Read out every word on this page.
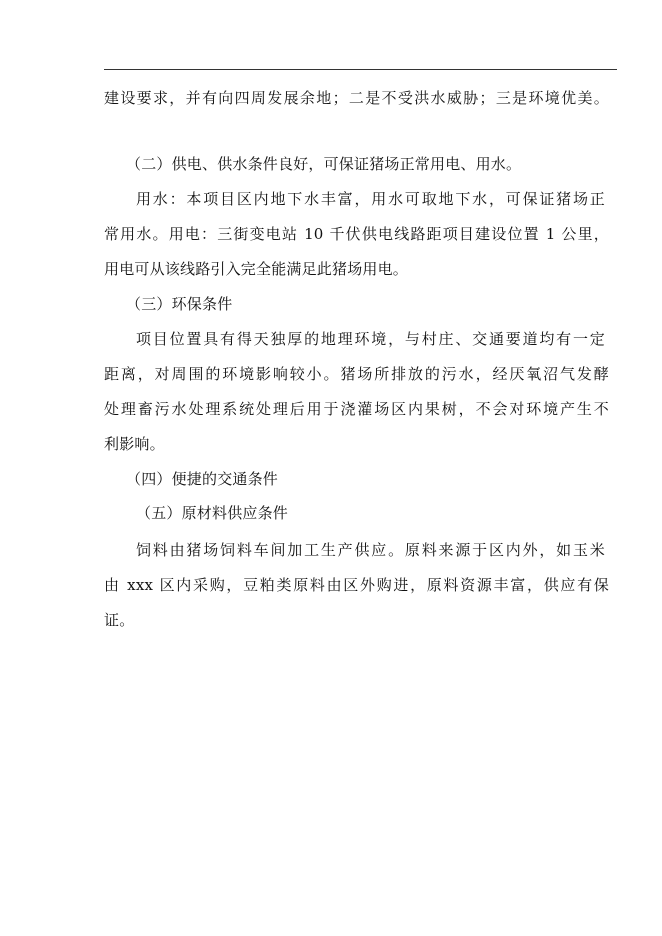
建设要求，并有向四周发展余地；二是不受洪水威胁；三是环境优美。
（二）供电、供水条件良好，可保证猪场正常用电、用水。
用水：本项目区内地下水丰富，用水可取地下水，可保证猪场正
常用水。用电：三街变电站 10 千伏供电线路距项目建设位置 1 公里，
用电可从该线路引入完全能满足此猪场用电。
（三）环保条件
项目位置具有得天独厚的地理环境，与村庄、交通要道均有一定
距离，对周围的环境影响较小。猪场所排放的污水，经厌氧沼气发酵
处理畜污水处理系统处理后用于浇灌场区内果树，不会对环境产生不
利影响。
（四）便捷的交通条件
（五）原材料供应条件
饲料由猪场饲料车间加工生产供应。原料来源于区内外，如玉米
由 xxx 区内采购，豆粕类原料由区外购进，原料资源丰富，供应有保
证。
